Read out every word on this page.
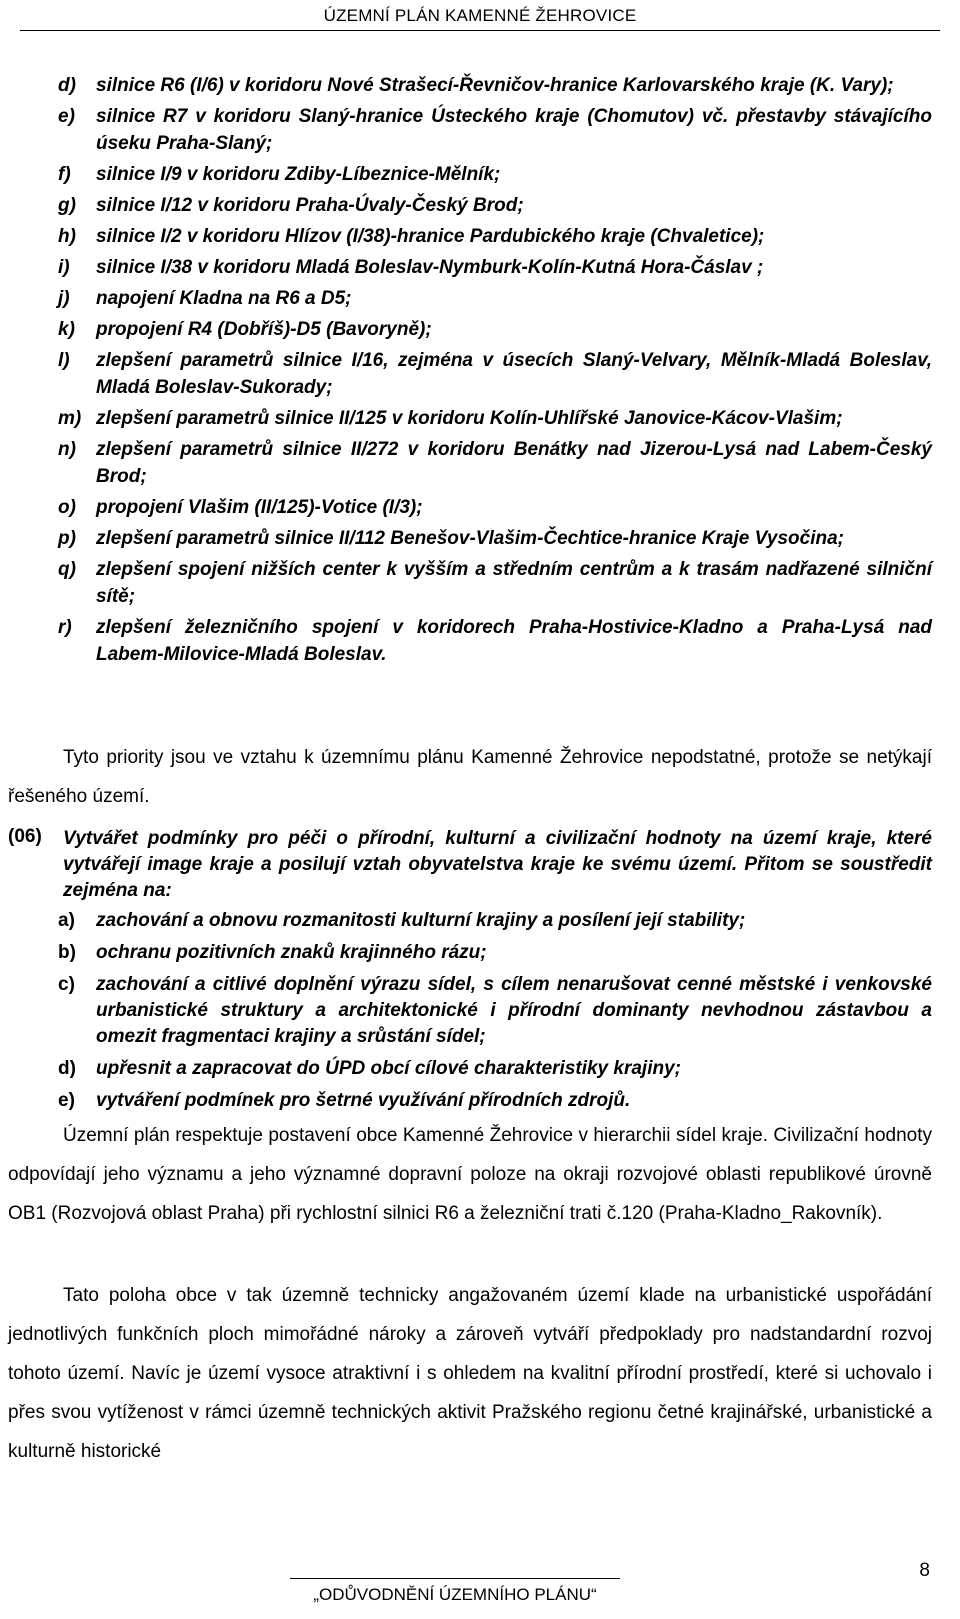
ÚZEMNÍ PLÁN KAMENNÉ ŽEHROVICE
d) silnice R6 (I/6) v koridoru Nové Strašecí-Řevničov-hranice Karlovarského kraje (K. Vary);
e) silnice R7 v koridoru Slaný-hranice Ústeckého kraje (Chomutov) vč. přestavby stávajícího úseku Praha-Slaný;
f) silnice I/9 v koridoru Zdiby-Líbeznice-Mělník;
g) silnice I/12 v koridoru Praha-Úvaly-Český Brod;
h) silnice I/2 v koridoru Hlízov (I/38)-hranice Pardubického kraje (Chvaletice);
i) silnice I/38 v koridoru Mladá Boleslav-Nymburk-Kolín-Kutná Hora-Čáslav ;
j) napojení Kladna na R6 a D5;
k) propojení R4 (Dobříš)-D5 (Bavoryně);
l) zlepšení parametrů silnice I/16, zejména v úsecích Slaný-Velvary, Mělník-Mladá Boleslav, Mladá Boleslav-Sukorady;
m) zlepšení parametrů silnice II/125 v koridoru Kolín-Uhlířské Janovice-Kácov-Vlašim;
n) zlepšení parametrů silnice II/272 v koridoru Benátky nad Jizerou-Lysá nad Labem-Český Brod;
o) propojení Vlašim (II/125)-Votice (I/3);
p) zlepšení parametrů silnice II/112 Benešov-Vlašim-Čechtice-hranice Kraje Vysočina;
q) zlepšení spojení nižších center k vyšším a středním centrům a k trasám nadřazené silniční sítě;
r) zlepšení železničního spojení v koridorech Praha-Hostivice-Kladno a Praha-Lysá nad Labem-Milovice-Mladá Boleslav.

Tyto priority jsou ve vztahu k územnímu plánu Kamenné Žehrovice nepodstatné, protože se netýkají řešeného území.

(06) Vytvářet podmínky pro péči o přírodní, kulturní a civilizační hodnoty na území kraje, které vytvářejí image kraje a posilují vztah obyvatelstva kraje ke svému území. Přitom se soustředit zejména na:
a) zachování a obnovu rozmanitosti kulturní krajiny a posílení její stability;
b) ochranu pozitivních znaků krajinného rázu;
c) zachování a citlivé doplnění výrazu sídel, s cílem nenarušovat cenné městské i venkovské urbanistické struktury a architektonické i přírodní dominanty nevhodnou zástavbou a omezit fragmentaci krajiny a srůstání sídel;
d) upřesnit a zapracovat do ÚPD obcí cílové charakteristiky krajiny;
e) vytváření podmínek pro šetrné využívání přírodních zdrojů.

Územní plán respektuje postavení obce Kamenné Žehrovice v hierarchii sídel kraje. Civilizační hodnoty odpovídají jeho významu a jeho významné dopravní poloze na okraji rozvojové oblasti republikové úrovně OB1 (Rozvojová oblast Praha) při rychlostní silnici R6 a železniční trati č.120 (Praha-Kladno_Rakovník).

Tato poloha obce v tak územně technicky angažovaném území klade na urbanistické uspořádání jednotlivých funkčních ploch mimořádné nároky a zároveň vytváří předpoklady pro nadstandardní rozvoj tohoto území. Navíc je území vysoce atraktivní i s ohledem na kvalitní přírodní prostředí, které si uchovalo i přes svou vytíženost v rámci územně technických aktivit Pražského regionu četné krajinářské, urbanistické a kulturně historické

„ODŮVODNĚNÍ ÚZEMNÍHO PLÁNU“
8
